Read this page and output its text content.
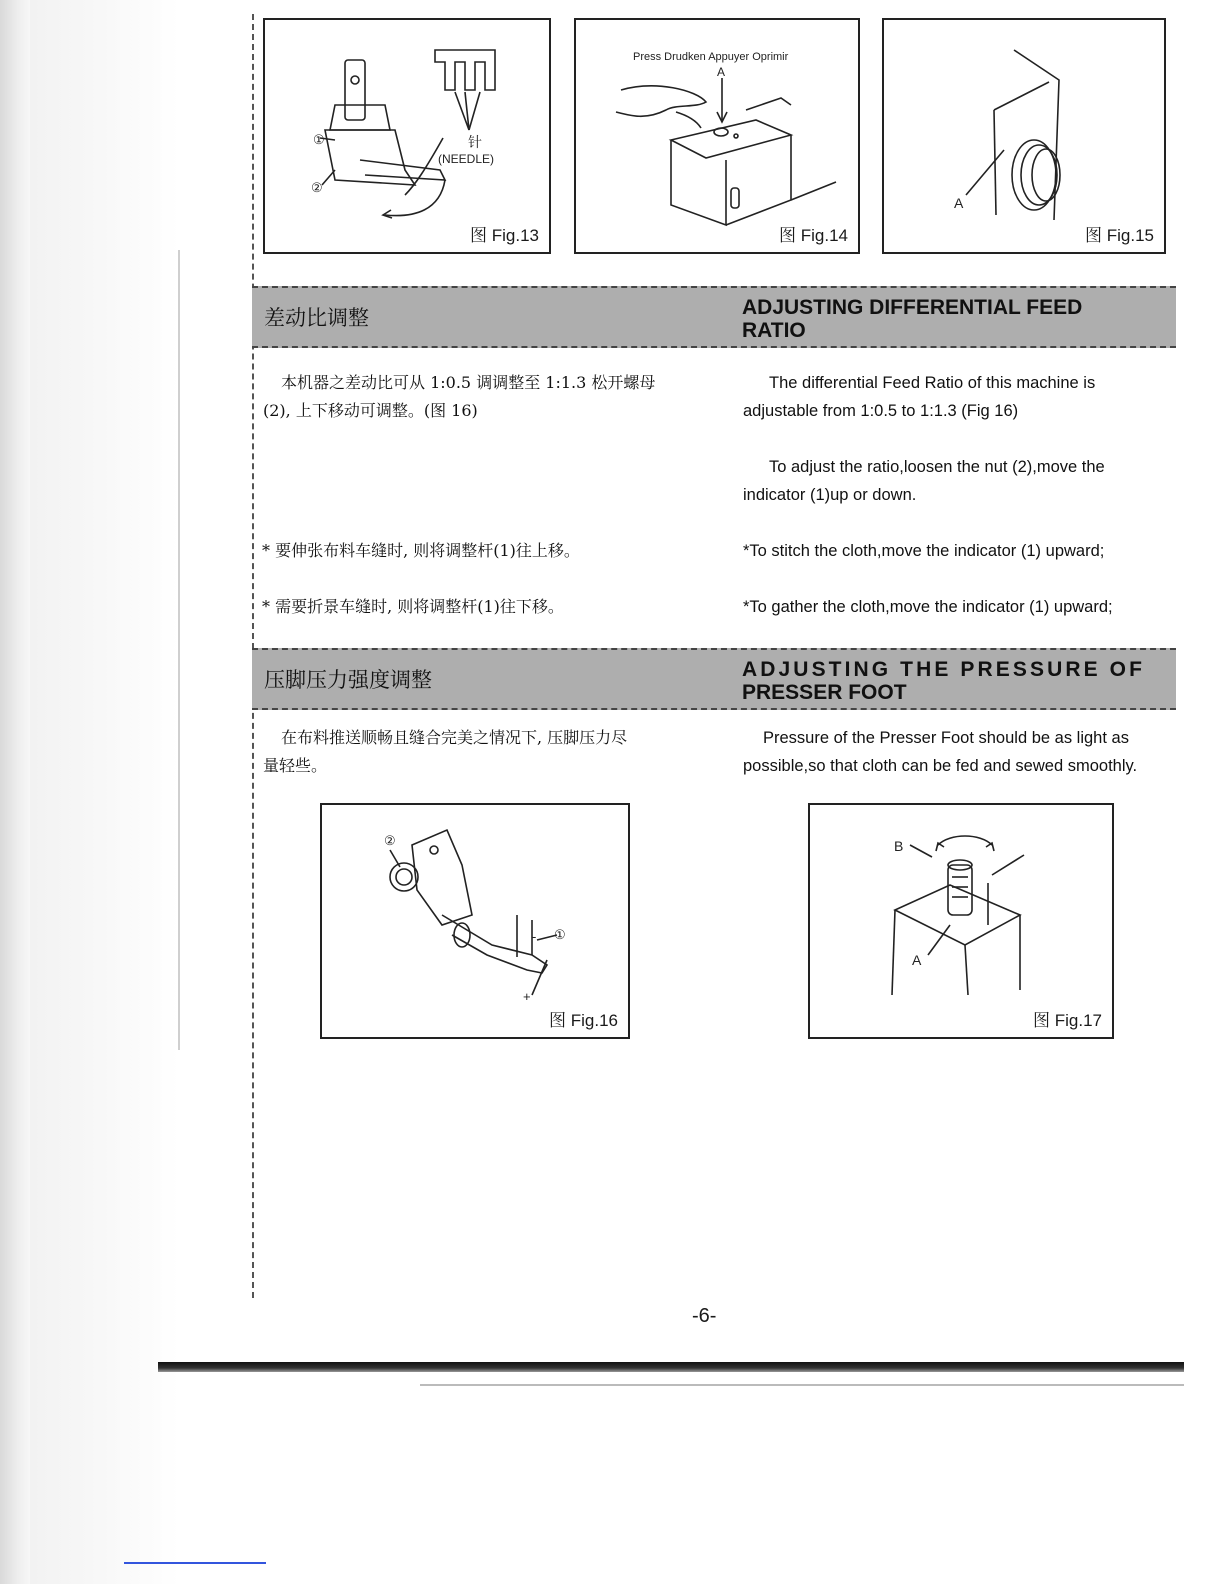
①
②
针
(NEEDLE)
图 Fig.13
Press Drudken Appuyer Oprimir
A
图 Fig.14
A
图 Fig.15
差动比调整	ADJUSTING DIFFERENTIAL FEED
RATIO
本机器之差动比可从 1:0.5 调调整至 1:1.3 松开螺母
(2), 上下移动可调整。(图 16)
The differential Feed Ratio of this machine is
adjustable from 1:0.5 to 1:1.3 (Fig 16)
To adjust the ratio,loosen the nut (2),move the
indicator (1)up or down.
* 要伸张布料车缝时, 则将调整杆(1)往上移。	*To stitch the cloth,move the indicator (1) upward;
* 需要折景车缝时, 则将调整杆(1)往下移。	*To gather the cloth,move the indicator (1) upward;
压脚压力强度调整	ADJUSTING THE PRESSURE OF
PRESSER FOOT
在布料推送顺畅且缝合完美之情况下, 压脚压力尽
量轻些。
Pressure of the Presser Foot should be as light as
possible,so that cloth can be fed and sewed smoothly.
②
①
-
+
图 Fig.16
B
A
图 Fig.17
-6-
